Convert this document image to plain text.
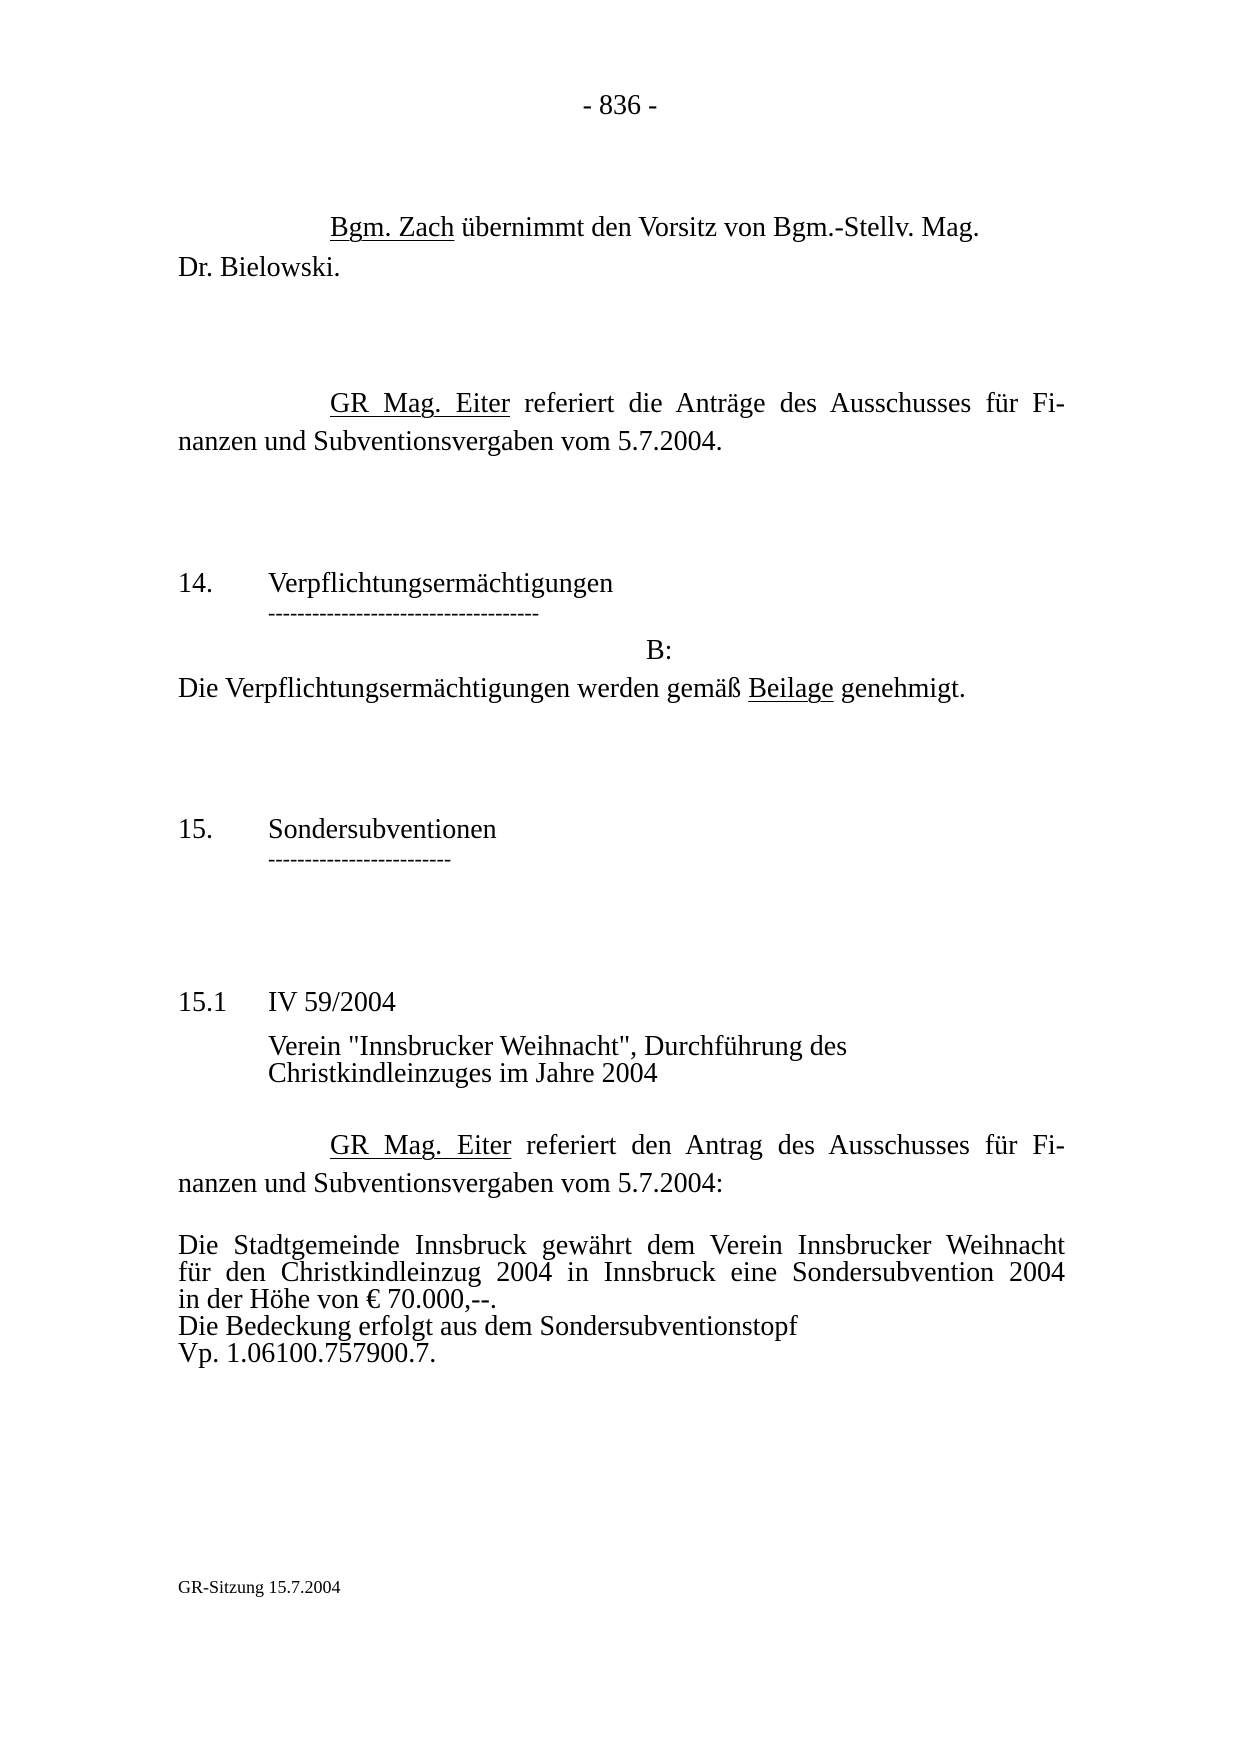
- 836 -
Bgm. Zach übernimmt den Vorsitz von Bgm.-Stellv. Mag.
Dr. Bielowski.
GR Mag. Eiter referiert die Anträge des Ausschusses für Fi-
nanzen und Subventionsvergaben vom 5.7.2004.
14. Verpflichtungsermächtigungen
-------------------------------------
B:
Die Verpflichtungsermächtigungen werden gemäß Beilage genehmigt.
15. Sondersubventionen
-------------------------
15.1 IV 59/2004
Verein "Innsbrucker Weihnacht", Durchführung des
Christkindleinzuges im Jahre 2004
GR Mag. Eiter referiert den Antrag des Ausschusses für Fi-
nanzen und Subventionsvergaben vom 5.7.2004:
Die Stadtgemeinde Innsbruck gewährt dem Verein Innsbrucker Weihnacht
für den Christkindleinzug 2004 in Innsbruck eine Sondersubvention 2004
in der Höhe von € 70.000,--.
Die Bedeckung erfolgt aus dem Sondersubventionstopf
Vp. 1.06100.757900.7.
GR-Sitzung 15.7.2004
